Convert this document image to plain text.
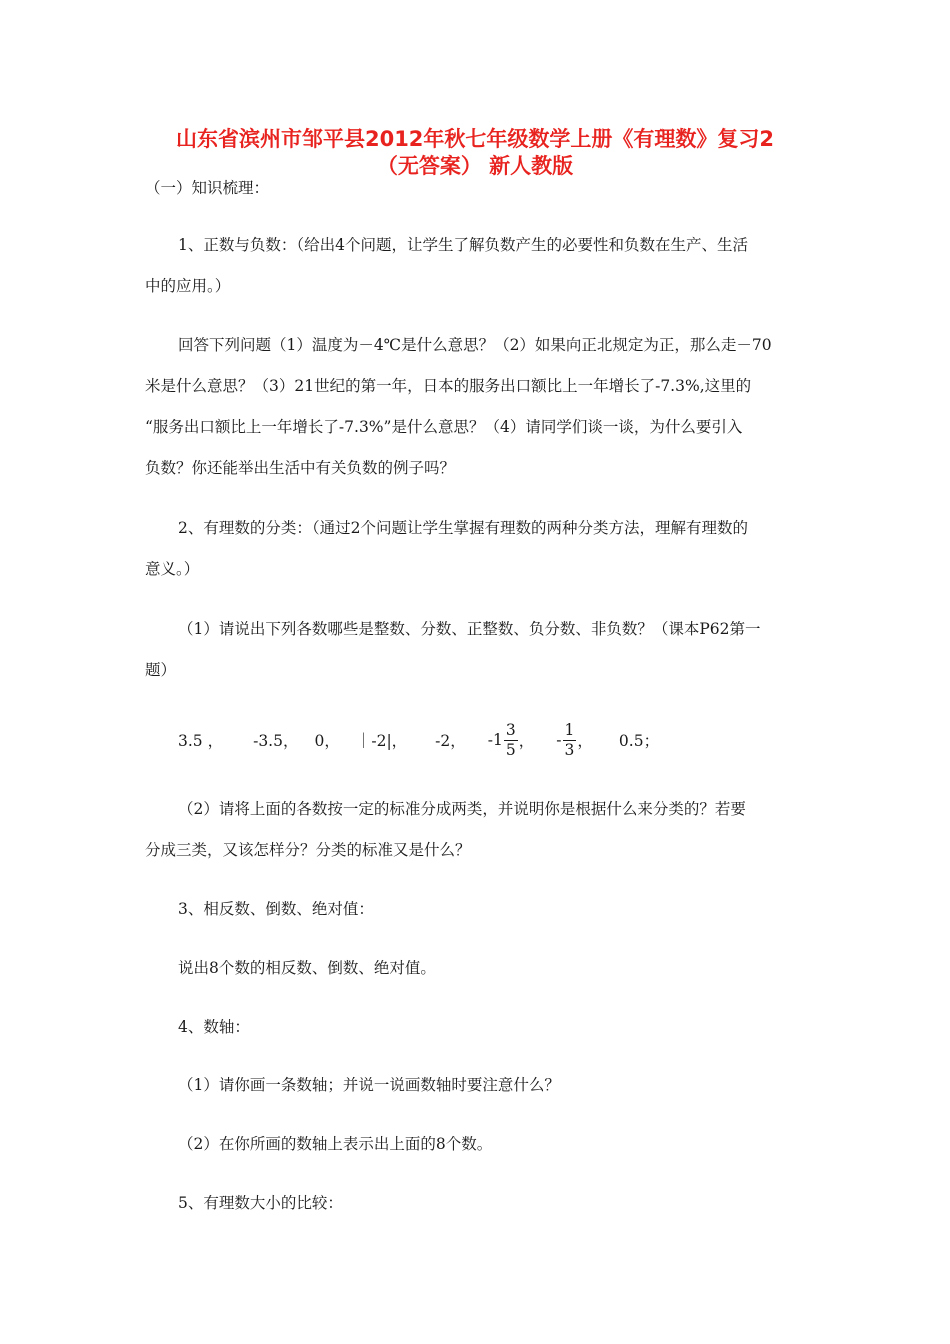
山东省滨州市邹平县2012年秋七年级数学上册《有理数》复习2
（无答案） 新人教版
（一）知识梳理：
1、正数与负数：（给出4个问题，让学生了解负数产生的必要性和负数在生产、生活
中的应用。）
回答下列问题（1）温度为－4℃是什么意思？（2）如果向正北规定为正，那么走－70
米是什么意思？（3）21世纪的第一年，日本的服务出口额比上一年增长了-7.3%,这里的
“服务出口额比上一年增长了-7.3%”是什么意思？（4）请同学们谈一谈，为什么要引入
负数？你还能举出生活中有关负数的例子吗？
2、有理数的分类：（通过2个问题让学生掌握有理数的两种分类方法，理解有理数的
意义。）
（1）请说出下列各数哪些是整数、分数、正整数、负分数、非负数？（课本P62第一
题）
3.5 ， -3.5， 0， ｜-2|， -2， $-1 \frac{3}{5}$ ， - $\frac{1}{3}$ ， 0.5；
（2）请将上面的各数按一定的标准分成两类，并说明你是根据什么来分类的？若要
分成三类，又该怎样分？分类的标准又是什么？
3、相反数、倒数、绝对值：
说出8个数的相反数、倒数、绝对值。
4、数轴：
（1）请你画一条数轴；并说一说画数轴时要注意什么？
（2）在你所画的数轴上表示出上面的8个数。
5、有理数大小的比较：
